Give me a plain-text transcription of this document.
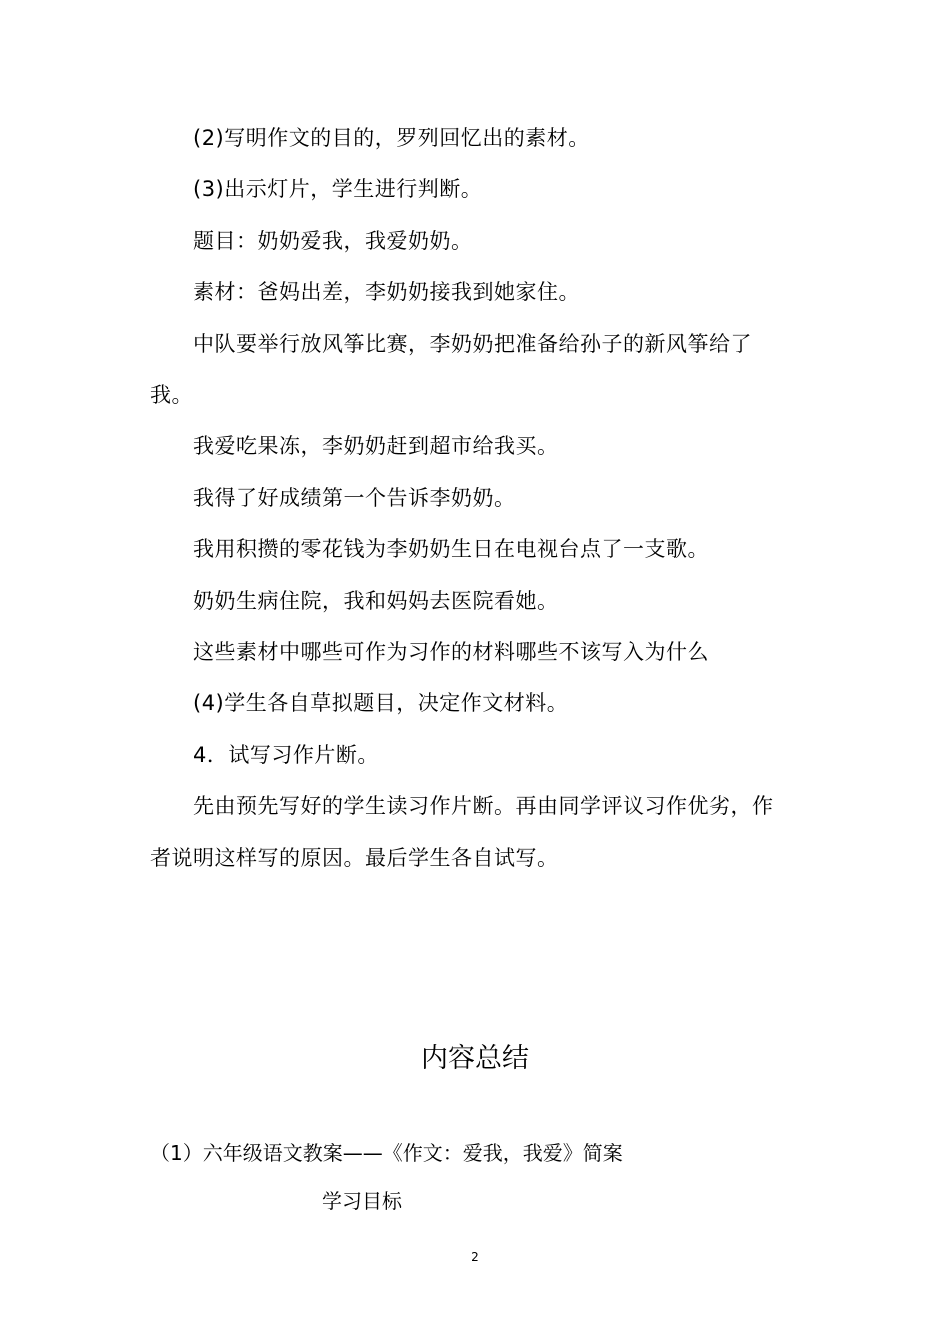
(2)写明作文的目的，罗列回忆出的素材。
(3)出示灯片，学生进行判断。
题目：奶奶爱我，我爱奶奶。
素材：爸妈出差，李奶奶接我到她家住。
中队要举行放风筝比赛，李奶奶把准备给孙子的新风筝给了
我。
我爱吃果冻，李奶奶赶到超市给我买。
我得了好成绩第一个告诉李奶奶。
我用积攒的零花钱为李奶奶生日在电视台点了一支歌。
奶奶生病住院，我和妈妈去医院看她。
这些素材中哪些可作为习作的材料哪些不该写入为什么
(4)学生各自草拟题目，决定作文材料。
4．试写习作片断。
先由预先写好的学生读习作片断。再由同学评议习作优劣，作
者说明这样写的原因。最后学生各自试写。
内容总结
（1）六年级语文教案——《作文：爱我，我爱》简案
学习目标
2
